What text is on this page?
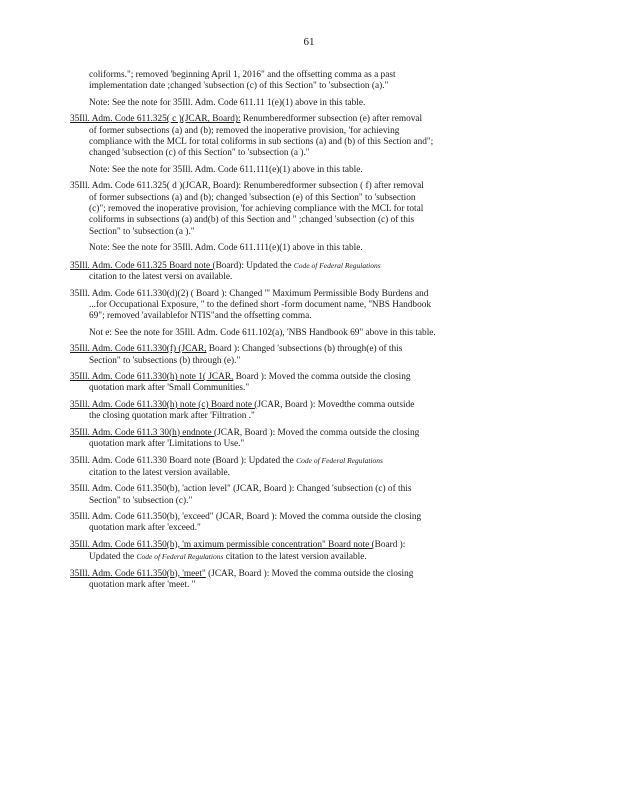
61
coliforms."; removed 'beginning April 1, 2016" and the offsetting comma as a past
implementation date ;changed 'subsection (c) of this Section" to 'subsection (a)."
Note: See the note for 35Ill. Adm. Code 611.11 1(e)(1) above in this table.
35Ill. Adm. Code 611.325( c )(JCAR, Board): Renumberedformer subsection (e) after removal
of former subsections (a) and (b); removed the inoperative provision, 'for achieving
compliance with the MCL for total coliforms in sub sections (a) and (b) of this Section and";
changed 'subsection (c) of this Section" to 'subsection (a )."
Note: See the note for 35Ill. Adm. Code 611.111(e)(1) above in this table.
35Ill. Adm. Code 611.325( d )(JCAR, Board): Renumberedformer subsection ( f) after removal
of former subsections (a) and (b); changed 'subsection (e) of this Section" to 'subsection
(c)"; removed the inoperative provision, 'for achieving compliance with the MCL for total
coliforms in subsections (a) and(b) of this Section and " ;changed 'subsection (c) of this
Section" to 'subsection (a )."
Note: See the note for 35Ill. Adm. Code 611.111(e)(1) above in this table.
35Ill. Adm. Code 611.325 Board note (Board): Updated the Code of Federal Regulations
citation to the latest versi on available.
35Ill. Adm. Code 611.330(d)(2) ( Board ): Changed '" Maximum Permissible Body Burdens and
...for Occupational Exposure, " to the defined short -form document name, ''NBS Handbook
69"; removed 'availablefor NTIS"and the offsetting comma.
Not e: See the note for 35Ill. Adm. Code 611.102(a), 'NBS Handbook 69" above in this table.
35Ill. Adm. Code 611.330(f) (JCAR, Board ): Changed 'subsections (b) through(e) of this
Section" to 'subsections (b) through (e)."
35Ill. Adm. Code 611.330(h) note 1( JCAR, Board ): Moved the comma outside the closing
quotation mark after 'Small Communities."
35Ill. Adm. Code 611.330(h) note (c) Board note (JCAR, Board ): Movedthe comma outside
the closing quotation mark after 'Filtration ."
35Ill. Adm. Code 611.3 30(h) endnote (JCAR, Board ): Moved the comma outside the closing
quotation mark after 'Limitations to Use."
35Ill. Adm. Code 611.330 Board note (Board ): Updated the Code of Federal Regulations
citation to the latest version available.
35Ill. Adm. Code 611.350(b), 'action level" (JCAR, Board ): Changed 'subsection (c) of this
Section" to 'subsection (c)."
35Ill. Adm. Code 611.350(b), 'exceed" (JCAR, Board ): Moved the comma outside the closing
quotation mark after 'exceed."
35Ill. Adm. Code 611.350(b), 'm aximum permissible concentration" Board note (Board ):
Updated the Code of Federal Regulations citation to the latest version available.
35Ill. Adm. Code 611.350(b), 'meet" (JCAR, Board ): Moved the comma outside the closing
quotation mark after 'meet. "
